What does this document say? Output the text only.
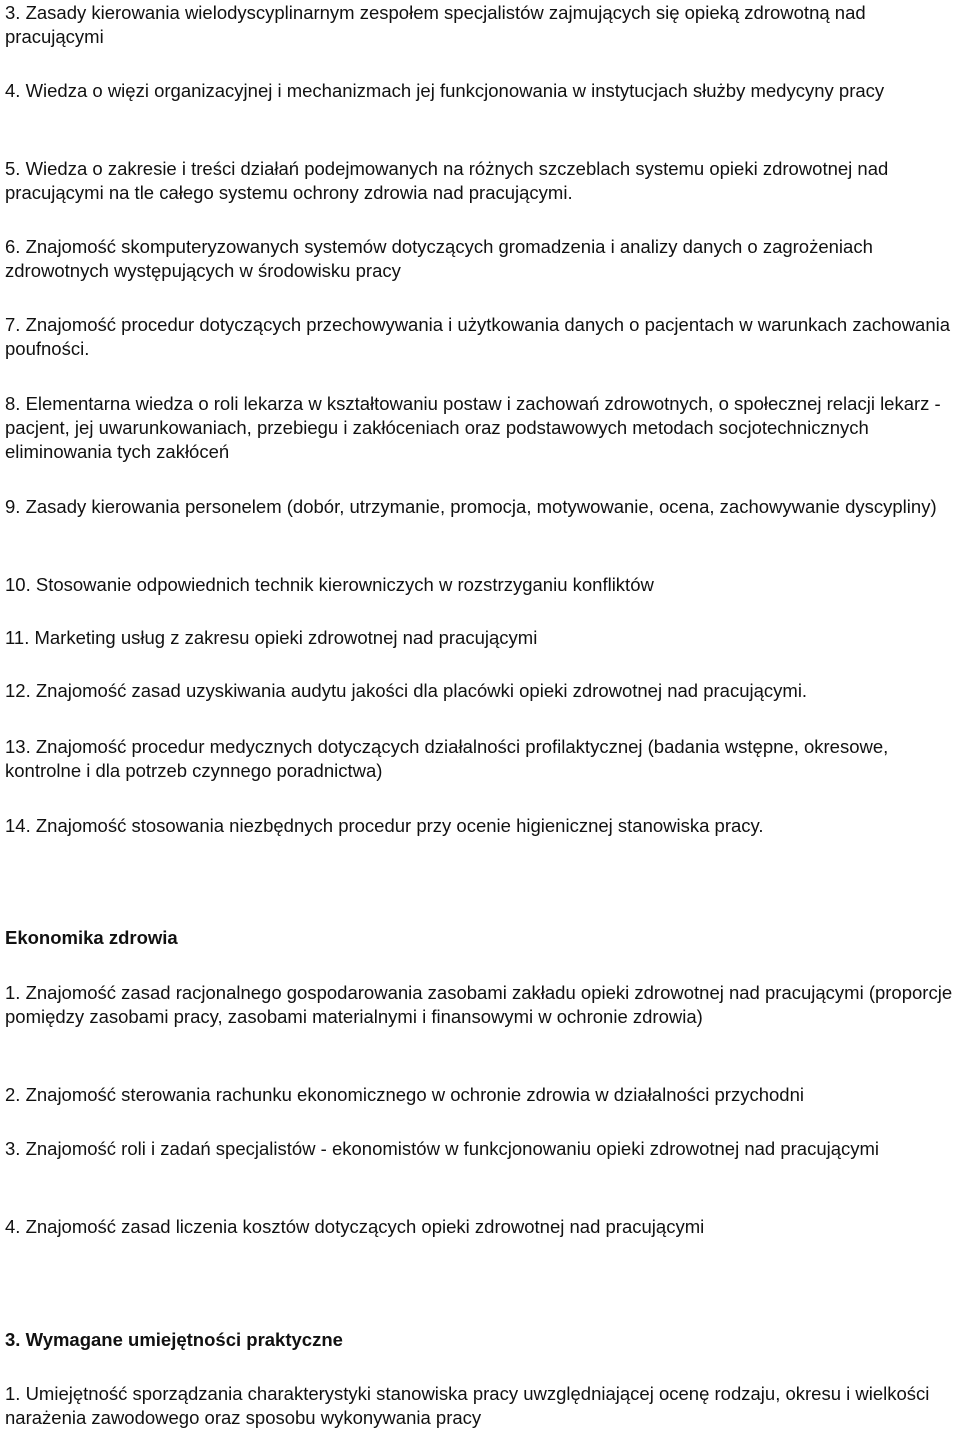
3. Zasady kierowania wielodyscyplinarnym zespołem specjalistów zajmujących się opieką zdrowotną nad pracującymi

4. Wiedza o więzi organizacyjnej i mechanizmach jej funkcjonowania w instytucjach służby medycyny pracy

5. Wiedza o zakresie i treści działań podejmowanych na różnych szczeblach systemu opieki zdrowotnej nad pracującymi na tle całego systemu ochrony zdrowia nad pracującymi.

6. Znajomość skomputeryzowanych systemów dotyczących gromadzenia i analizy danych o zagrożeniach zdrowotnych występujących w środowisku pracy

7. Znajomość procedur dotyczących przechowywania i użytkowania danych o pacjentach w warunkach zachowania poufności.

8. Elementarna wiedza o roli lekarza w kształtowaniu postaw i zachowań zdrowotnych, o społecznej relacji lekarz - pacjent, jej uwarunkowaniach, przebiegu i zakłóceniach oraz podstawowych metodach socjotechnicznych eliminowania tych zakłóceń

9. Zasady kierowania personelem (dobór, utrzymanie, promocja, motywowanie, ocena, zachowywanie dyscypliny)

10. Stosowanie odpowiednich technik kierowniczych w rozstrzyganiu konfliktów

11. Marketing usług z zakresu opieki zdrowotnej nad pracującymi

12. Znajomość zasad uzyskiwania audytu jakości dla placówki opieki zdrowotnej nad pracującymi.

13. Znajomość procedur medycznych dotyczących działalności profilaktycznej (badania wstępne, okresowe, kontrolne i dla potrzeb czynnego poradnictwa)

14. Znajomość stosowania niezbędnych procedur przy ocenie higienicznej stanowiska pracy.

Ekonomika zdrowia

1. Znajomość zasad racjonalnego gospodarowania zasobami zakładu opieki zdrowotnej nad pracującymi (proporcje pomiędzy zasobami pracy, zasobami materialnymi i finansowymi w ochronie zdrowia)

2. Znajomość sterowania rachunku ekonomicznego w ochronie zdrowia w działalności przychodni

3. Znajomość roli i zadań specjalistów - ekonomistów w funkcjonowaniu opieki zdrowotnej nad pracującymi

4. Znajomość zasad liczenia kosztów dotyczących opieki zdrowotnej nad pracującymi

3. Wymagane umiejętności praktyczne

1. Umiejętność sporządzania charakterystyki stanowiska pracy uwzględniającej ocenę rodzaju, okresu i wielkości narażenia zawodowego oraz sposobu wykonywania pracy
